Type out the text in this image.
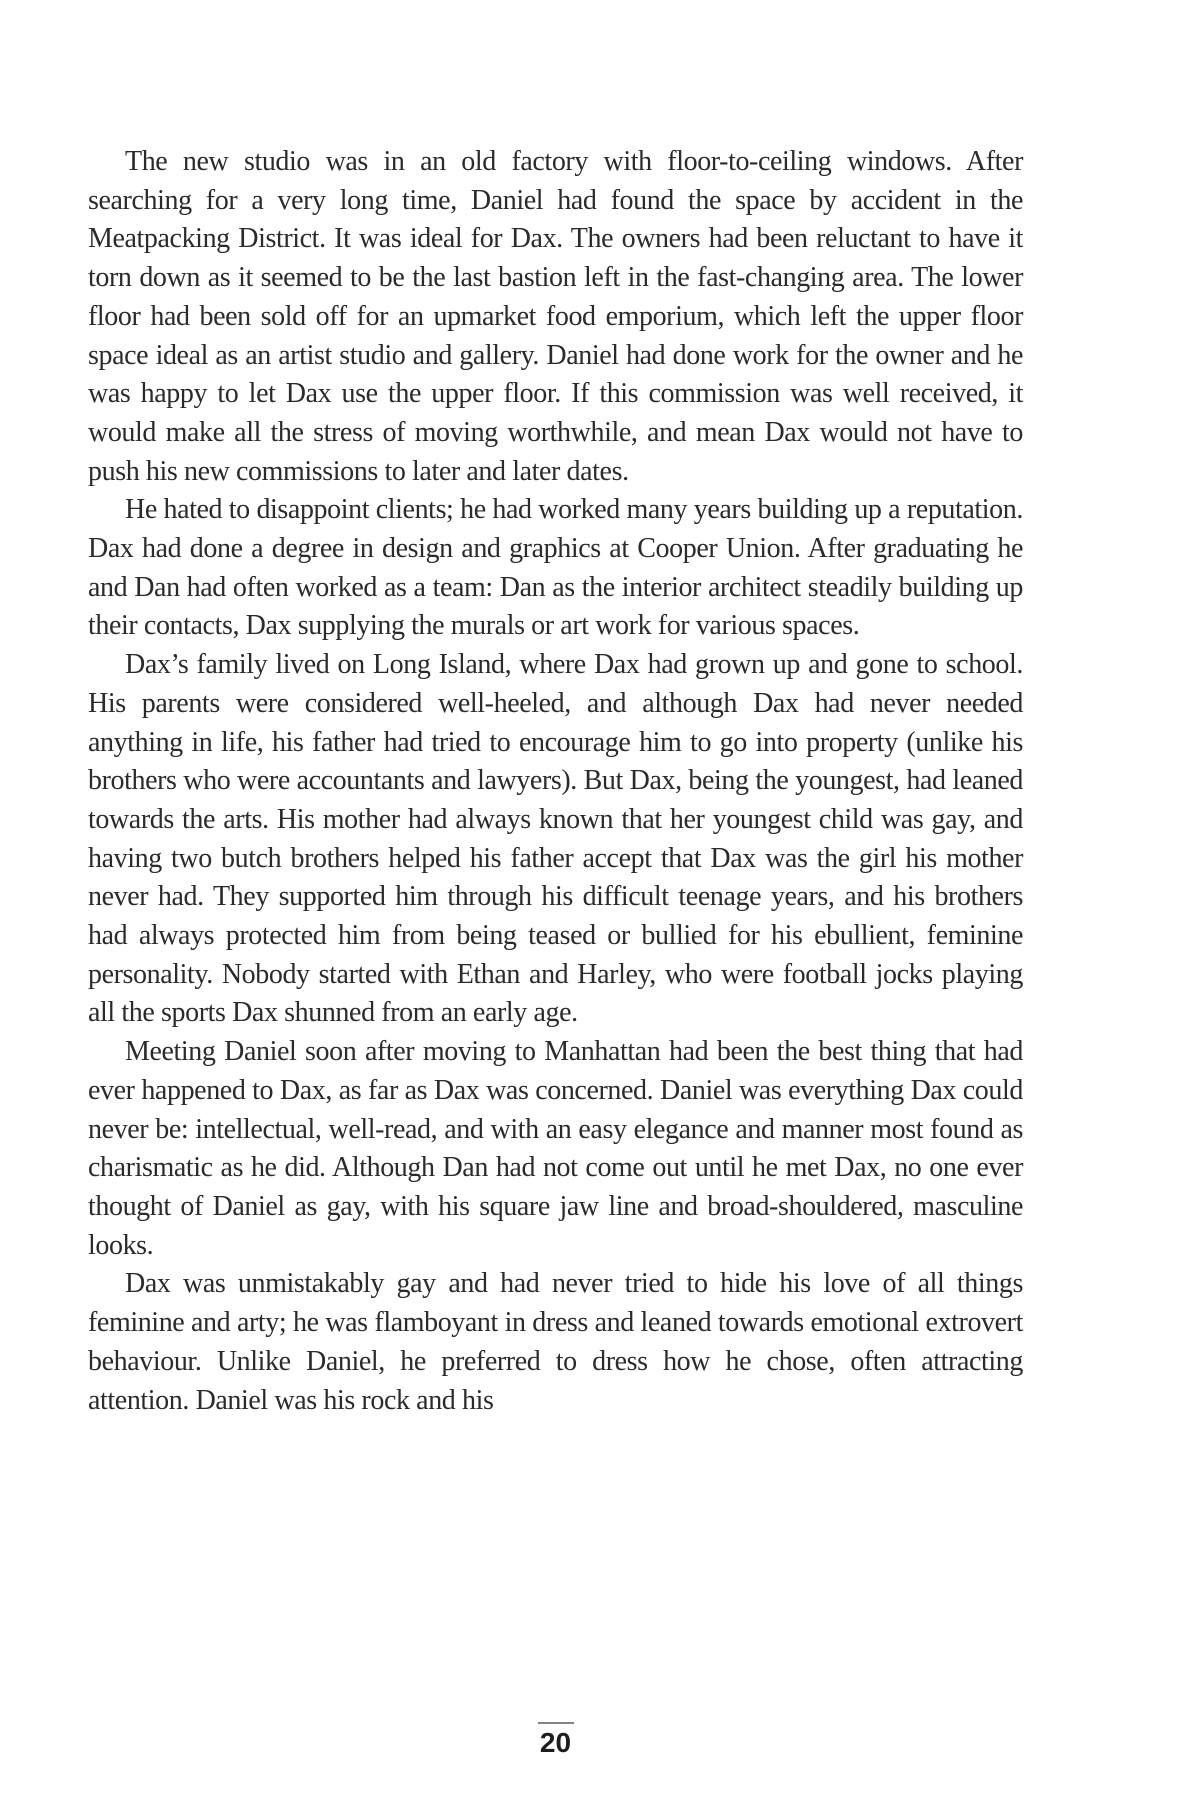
The new studio was in an old factory with floor-to-ceiling windows. After searching for a very long time, Daniel had found the space by accident in the Meatpacking District. It was ideal for Dax. The owners had been reluctant to have it torn down as it seemed to be the last bastion left in the fast-changing area. The lower floor had been sold off for an upmarket food emporium, which left the upper floor space ideal as an artist studio and gallery. Daniel had done work for the owner and he was happy to let Dax use the upper floor. If this commission was well received, it would make all the stress of moving worthwhile, and mean Dax would not have to push his new commissions to later and later dates.

He hated to disappoint clients; he had worked many years building up a reputation. Dax had done a degree in design and graphics at Cooper Union. After graduating he and Dan had often worked as a team: Dan as the interior architect steadily building up their contacts, Dax supplying the murals or art work for various spaces.

Dax’s family lived on Long Island, where Dax had grown up and gone to school. His parents were considered well-heeled, and although Dax had never needed anything in life, his father had tried to encourage him to go into property (unlike his brothers who were accountants and lawyers). But Dax, being the youngest, had leaned towards the arts. His mother had always known that her youngest child was gay, and having two butch brothers helped his father accept that Dax was the girl his mother never had. They supported him through his difficult teenage years, and his brothers had always protected him from being teased or bullied for his ebullient, feminine personality. Nobody started with Ethan and Harley, who were football jocks playing all the sports Dax shunned from an early age.

Meeting Daniel soon after moving to Manhattan had been the best thing that had ever happened to Dax, as far as Dax was concerned. Daniel was everything Dax could never be: intellectual, well-read, and with an easy elegance and manner most found as charismatic as he did. Although Dan had not come out until he met Dax, no one ever thought of Daniel as gay, with his square jaw line and broad-shouldered, masculine looks.

Dax was unmistakably gay and had never tried to hide his love of all things feminine and arty; he was flamboyant in dress and leaned towards emotional extrovert behaviour. Unlike Daniel, he preferred to dress how he chose, often attracting attention. Daniel was his rock and his

20
